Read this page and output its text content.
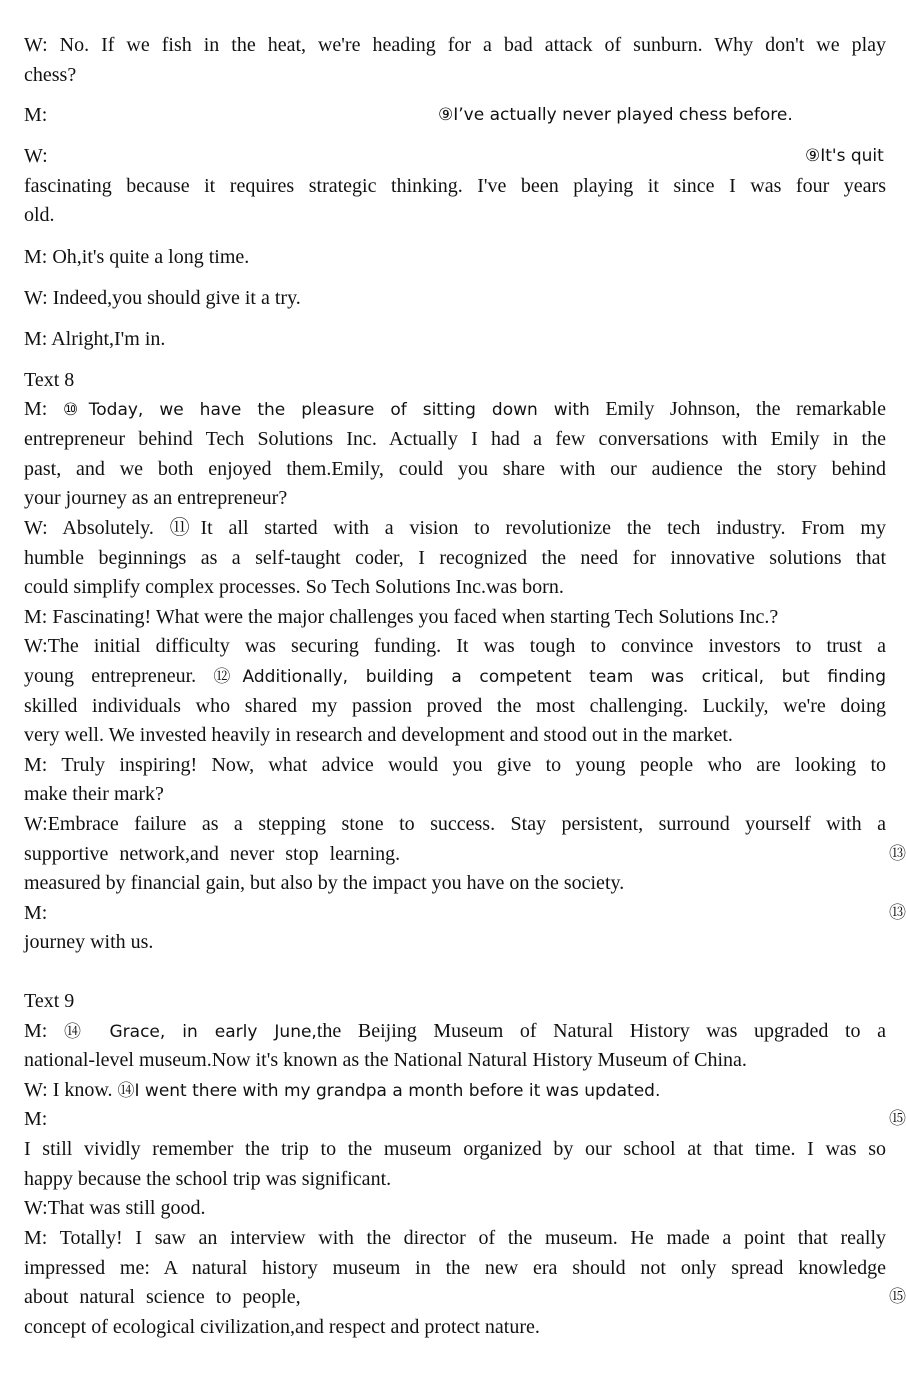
W: No. If we fish in the heat, we're heading for a bad attack of sunburn. Why don't we play
chess?
M:	⑨I’ve actually never played chess before.
W:	⑨It's quit
fascinating because it requires strategic thinking. I've been playing it since I was four years
old.
M: Oh,it's quite a long time.
W: Indeed,you should give it a try.
M: Alright,I'm in.
Text 8
M: ⑩Today, we have the pleasure of sitting down with Emily Johnson, the remarkable
entrepreneur behind Tech Solutions Inc. Actually I had a few conversations with Emily in the
past, and we both enjoyed them.Emily, could you share with our audience the story behind
your journey as an entrepreneur?
W: Absolutely. ⑪It all started with a vision to revolutionize the tech industry. From my
humble beginnings as a self-taught coder, I recognized the need for innovative solutions that
could simplify complex processes. So Tech Solutions Inc.was born.
M: Fascinating! What were the major challenges you faced when starting Tech Solutions Inc.?
W:The initial difficulty was securing funding. It was tough to convince investors to trust a
young entrepreneur. ⑫Additionally, building a competent team was critical, but finding
skilled individuals who shared my passion proved the most challenging. Luckily, we're doing
very well. We invested heavily in research and development and stood out in the market.
M: Truly inspiring! Now, what advice would you give to young people who are looking to
make their mark?
W:Embrace failure as a stepping stone to success. Stay persistent, surround yourself with a
supportive network,and never stop learning.	⑬
measured by financial gain, but also by the impact you have on the society.
M:	⑬
journey with us.
Text 9
M: ⑭ Grace, in early June,the Beijing Museum of Natural History was upgraded to a
national-level museum.Now it's known as the National Natural History Museum of China.
W: I know. ⑭I went there with my grandpa a month before it was updated.
M:	⑮
I still vividly remember the trip to the museum organized by our school at that time. I was so
happy because the school trip was significant.
W:That was still good.
M: Totally! I saw an interview with the director of the museum. He made a point that really
impressed me: A natural history museum in the new era should not only spread knowledge
about natural science to people,	⑮
concept of ecological civilization,and respect and protect nature.
